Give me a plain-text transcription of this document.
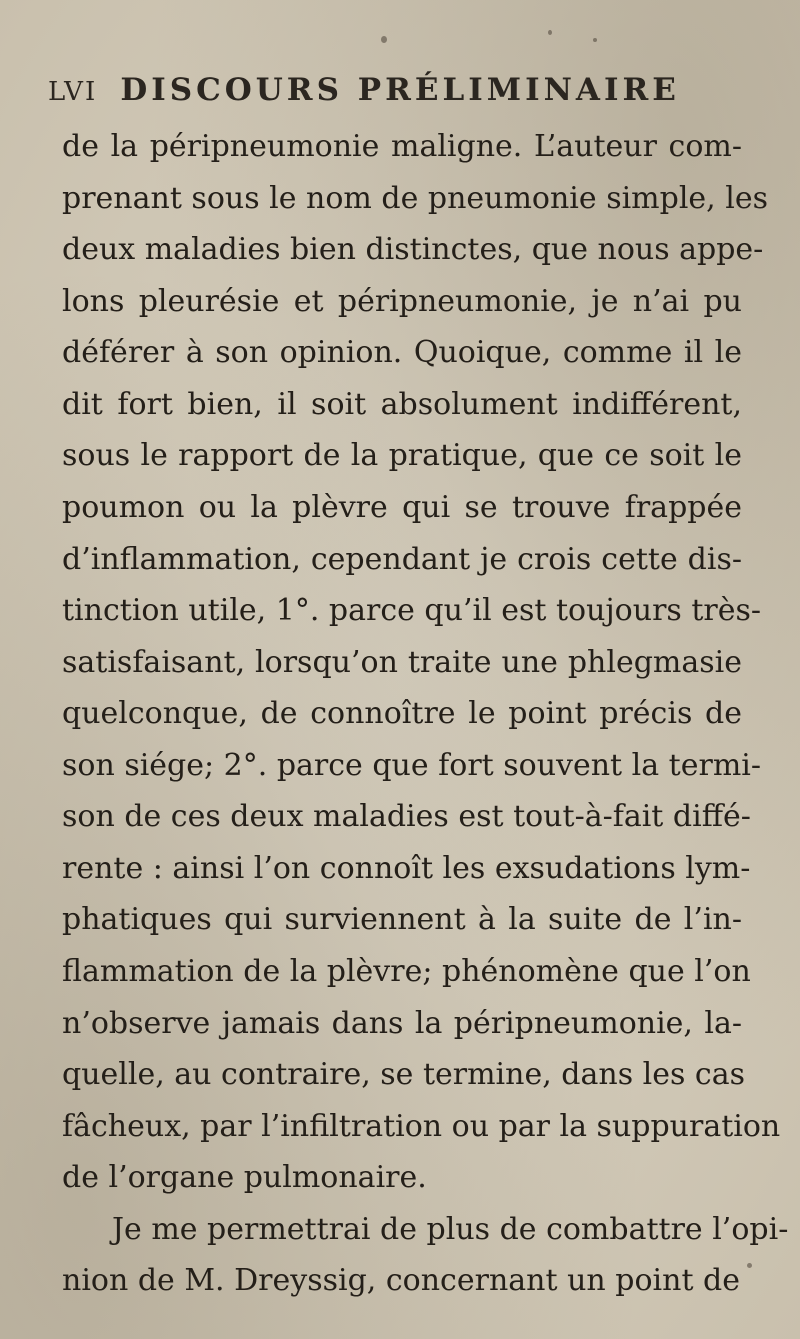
LVI DISCOURS PRÉLIMINAIRE
de la péripneumonie maligne. L’auteur com-
prenant sous le nom de pneumonie simple, les
deux maladies bien distinctes, que nous appe-
lons pleurésie et péripneumonie, je n’ai pu
déférer à son opinion. Quoique, comme il le
dit fort bien, il soit absolument indifférent,
sous le rapport de la pratique, que ce soit le
poumon ou la plèvre qui se trouve frappée
d’inflammation, cependant je crois cette dis-
tinction utile, 1°. parce qu’il est toujours très-
satisfaisant, lorsqu’on traite une phlegmasie
quelconque, de connoître le point précis de
son siége; 2°. parce que fort souvent la termi-
son de ces deux maladies est tout-à-fait diffé-
rente : ainsi l’on connoît les exsudations lym-
phatiques qui surviennent à la suite de l’in-
flammation de la plèvre; phénomène que l’on
n’observe jamais dans la péripneumonie, la-
quelle, au contraire, se termine, dans les cas
fâcheux, par l’infiltration ou par la suppuration
de l’organe pulmonaire.
Je me permettrai de plus de combattre l’opi-
nion de M. Dreyssig, concernant un point de
